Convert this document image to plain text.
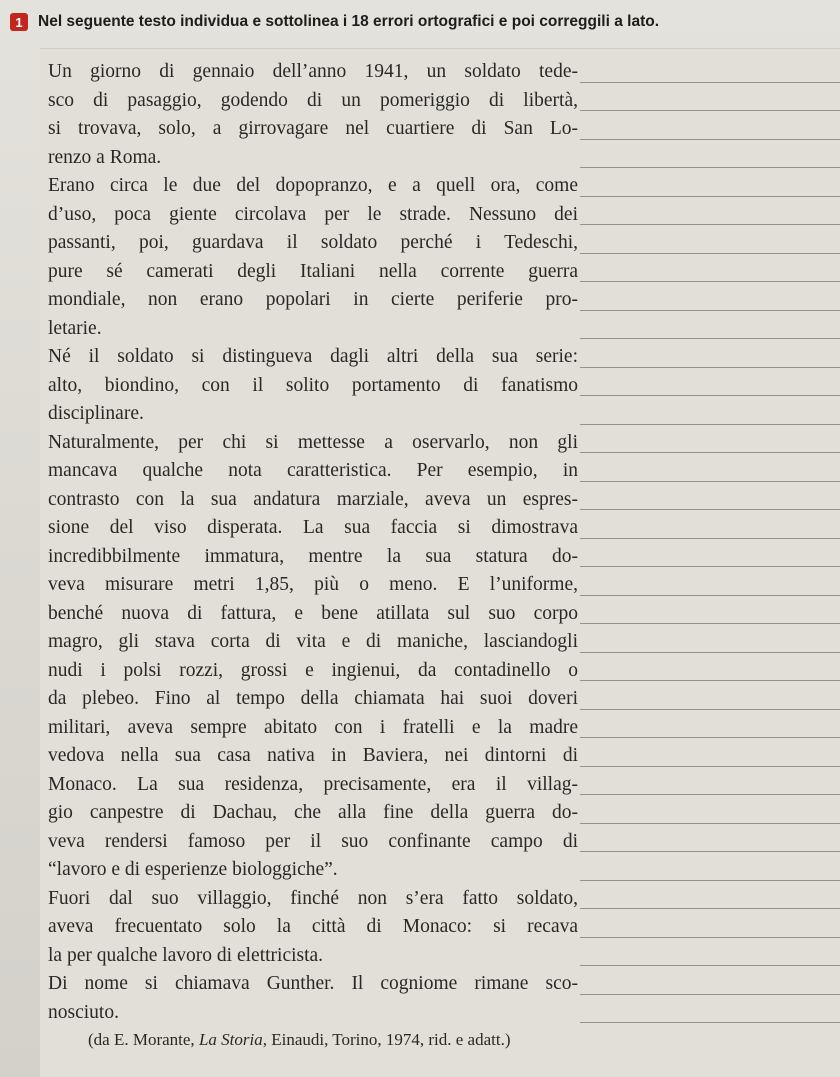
1 Nel seguente testo individua e sottolinea i 18 errori ortografici e poi correggili a lato.
Un giorno di gennaio dell’anno 1941, un soldato tede-
sco di pasaggio, godendo di un pomeriggio di libertà,
si trovava, solo, a girrovagare nel cuartiere di San Lo-
renzo a Roma.
Erano circa le due del dopopranzo, e a quell ora, come
d’uso, poca giente circolava per le strade. Nessuno dei
passanti, poi, guardava il soldato perché i Tedeschi,
pure sé camerati degli Italiani nella corrente guerra
mondiale, non erano popolari in cierte periferie pro-
letarie.
Né il soldato si distingueva dagli altri della sua serie:
alto, biondino, con il solito portamento di fanatismo
disciplinare.
Naturalmente, per chi si mettesse a oservarlo, non gli
mancava qualche nota caratteristica. Per esempio, in
contrasto con la sua andatura marziale, aveva un espres-
sione del viso disperata. La sua faccia si dimostrava
incredibbilmente immatura, mentre la sua statura do-
veva misurare metri 1,85, più o meno. E l’uniforme,
benché nuova di fattura, e bene atillata sul suo corpo
magro, gli stava corta di vita e di maniche, lasciandogli
nudi i polsi rozzi, grossi e ingienui, da contadinello o
da plebeo. Fino al tempo della chiamata hai suoi doveri
militari, aveva sempre abitato con i fratelli e la madre
vedova nella sua casa nativa in Baviera, nei dintorni di
Monaco. La sua residenza, precisamente, era il villag-
gio canpestre di Dachau, che alla fine della guerra do-
veva rendersi famoso per il suo confinante campo di
“lavoro e di esperienze biologgiche”.
Fuori dal suo villaggio, finché non s’era fatto soldato,
aveva frecuentato solo la città di Monaco: si recava
la per qualche lavoro di elettricista.
Di nome si chiamava Gunther. Il cogniome rimane sco-
nosciuto.
(da E. Morante, La Storia, Einaudi, Torino, 1974, rid. e adatt.)
